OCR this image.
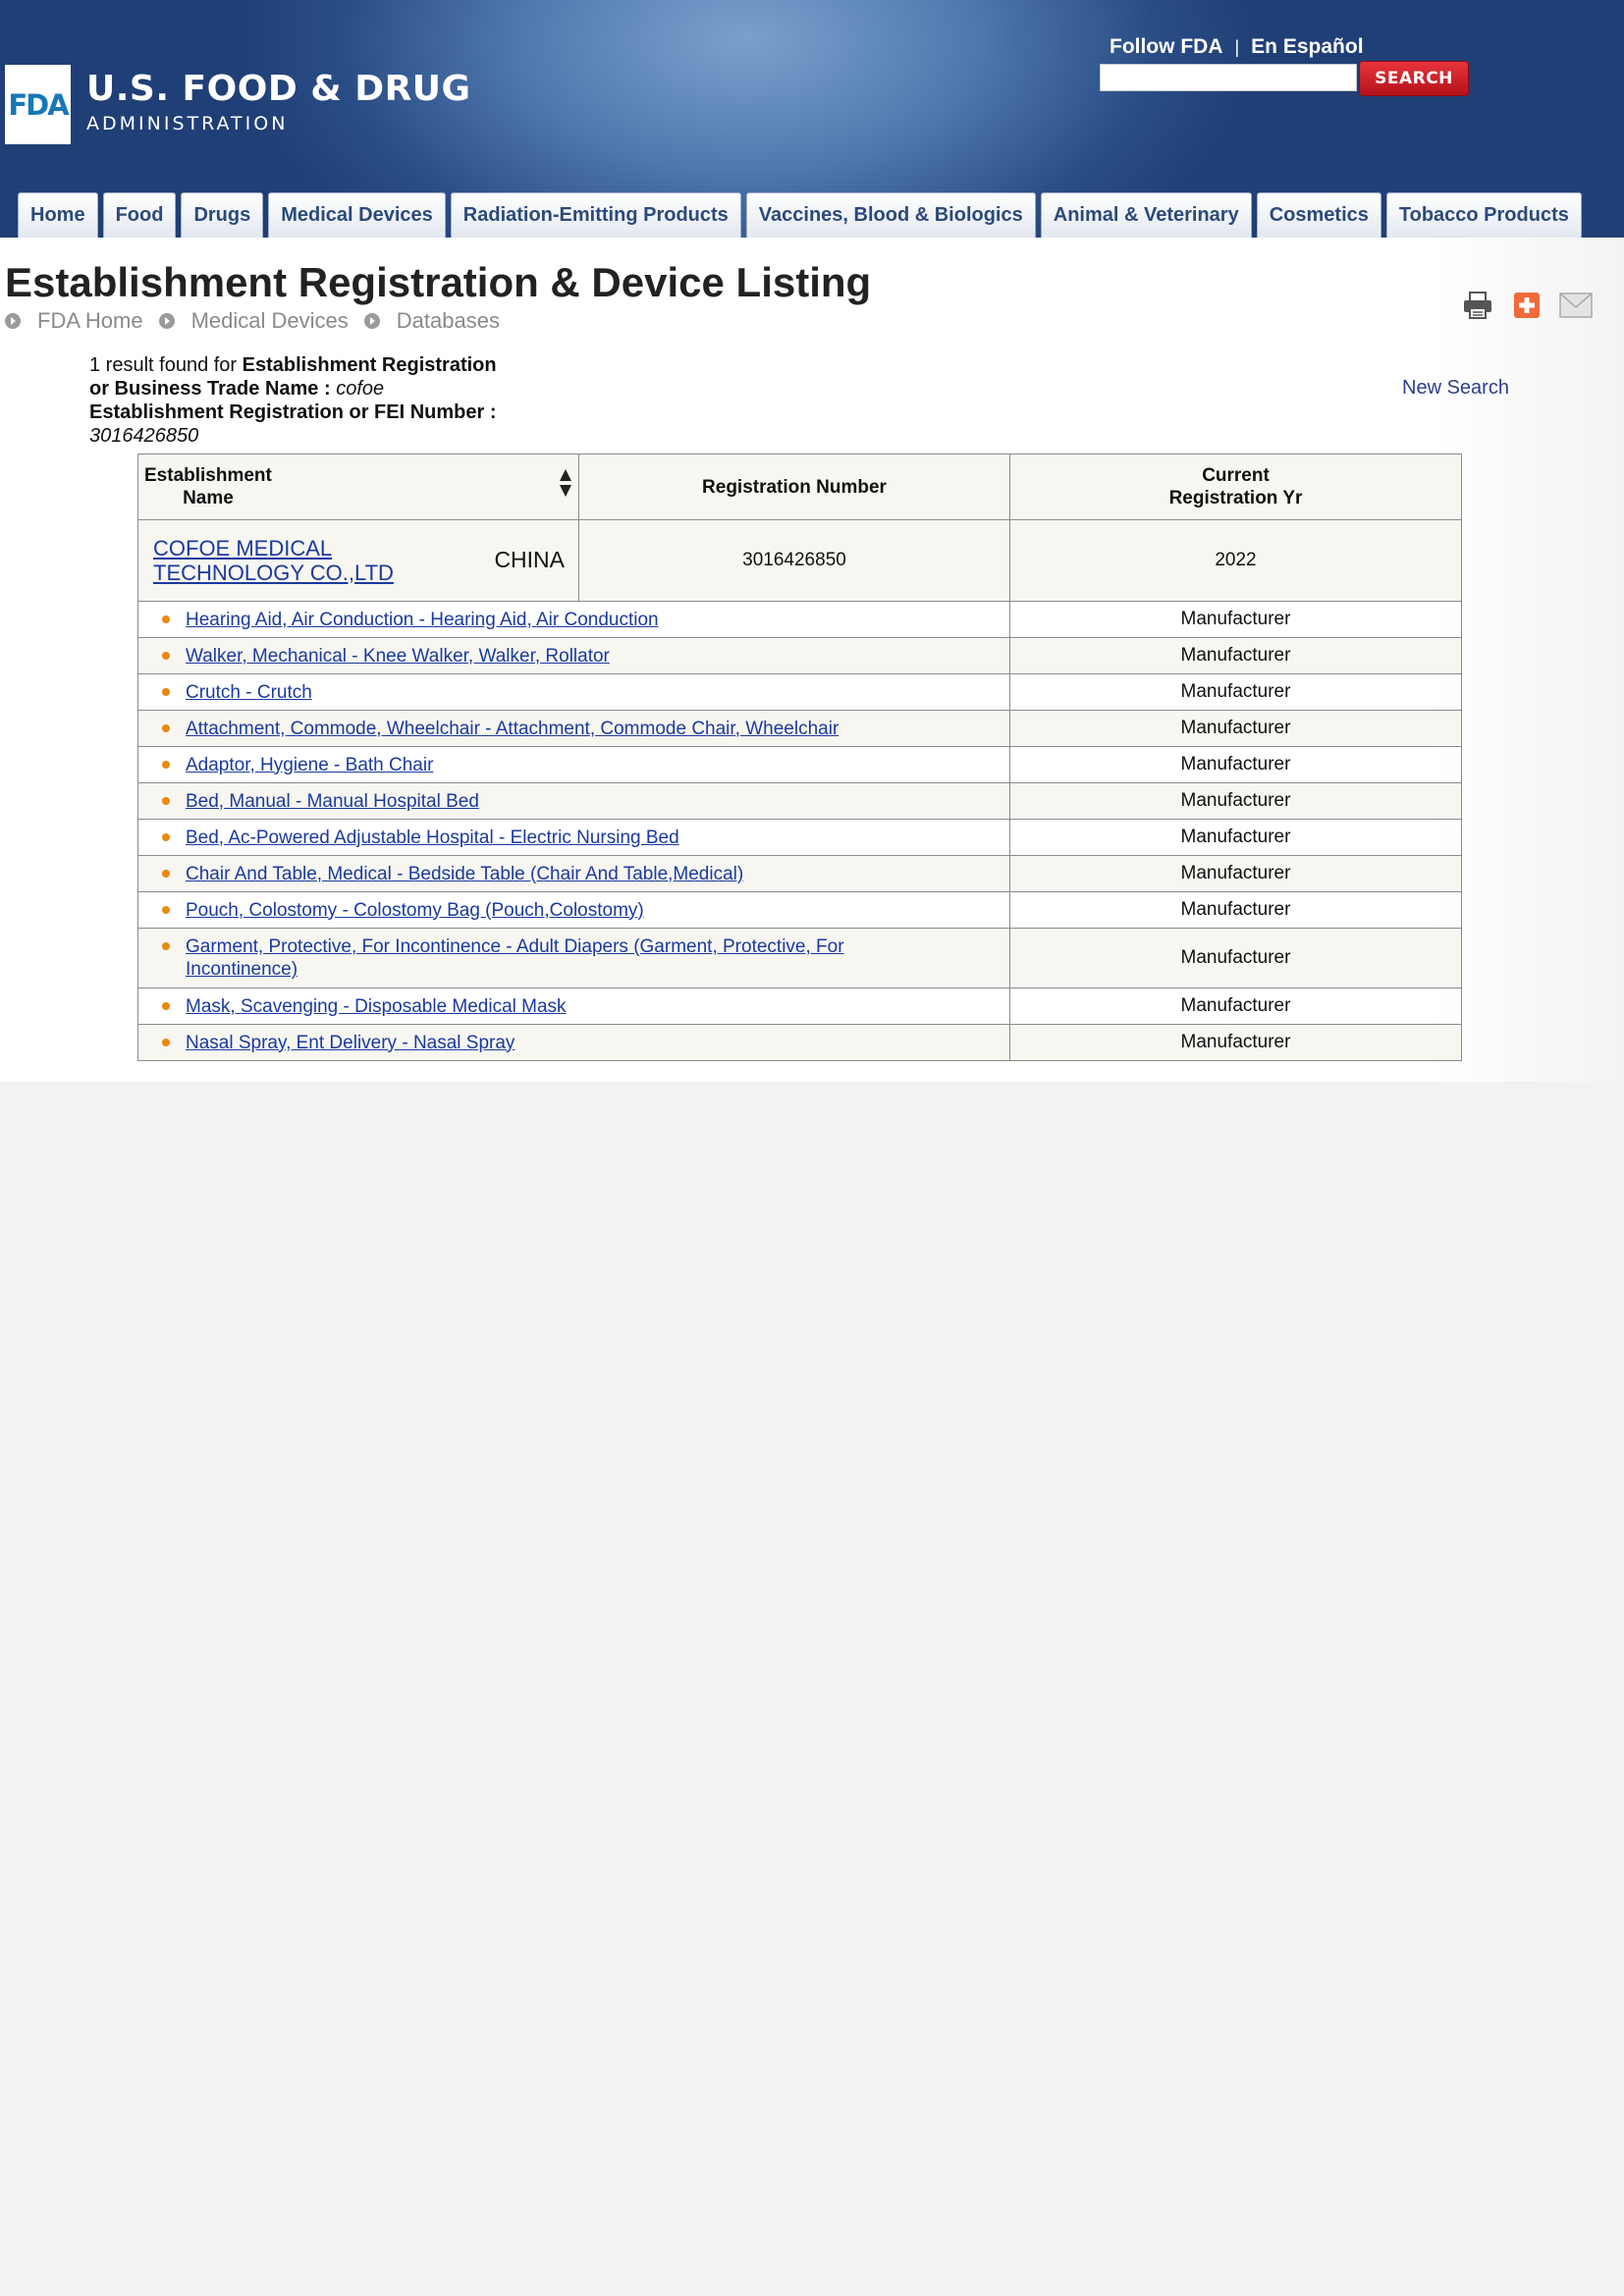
FDA U.S. FOOD & DRUG
ADMINISTRATION
Follow FDA | En Español
SEARCH
Home	Food	Drugs	Medical Devices	Radiation-Emitting Products	Vaccines, Blood & Biologics	Animal & Veterinary	Cosmetics	Tobacco Products
Establishment Registration & Device Listing
FDA Home Medical Devices Databases
1 result found for Establishment Registration
or Business Trade Name : cofoe
Establishment Registration or FEI Number :
3016426850
New Search
Establishment
Name	Registration Number	Current
Registration Yr
COFOE MEDICAL
TECHNOLOGY CO.,LTD CHINA	3016426850	2022

Hearing Aid, Air Conduction - Hearing Aid, Air Conduction		Manufacturer

Walker, Mechanical - Knee Walker, Walker, Rollator		Manufacturer

Crutch - Crutch		Manufacturer

Attachment, Commode, Wheelchair - Attachment, Commode Chair, Wheelchair		Manufacturer

Adaptor, Hygiene - Bath Chair		Manufacturer

Bed, Manual - Manual Hospital Bed		Manufacturer

Bed, Ac-Powered Adjustable Hospital - Electric Nursing Bed		Manufacturer

Chair And Table, Medical - Bedside Table (Chair And Table,Medical)		Manufacturer

Pouch, Colostomy - Colostomy Bag (Pouch,Colostomy)		Manufacturer

Garment, Protective, For Incontinence - Adult Diapers (Garment, Protective, For Incontinence)		Manufacturer

Mask, Scavenging - Disposable Medical Mask		Manufacturer

Nasal Spray, Ent Delivery - Nasal Spray		Manufacturer
